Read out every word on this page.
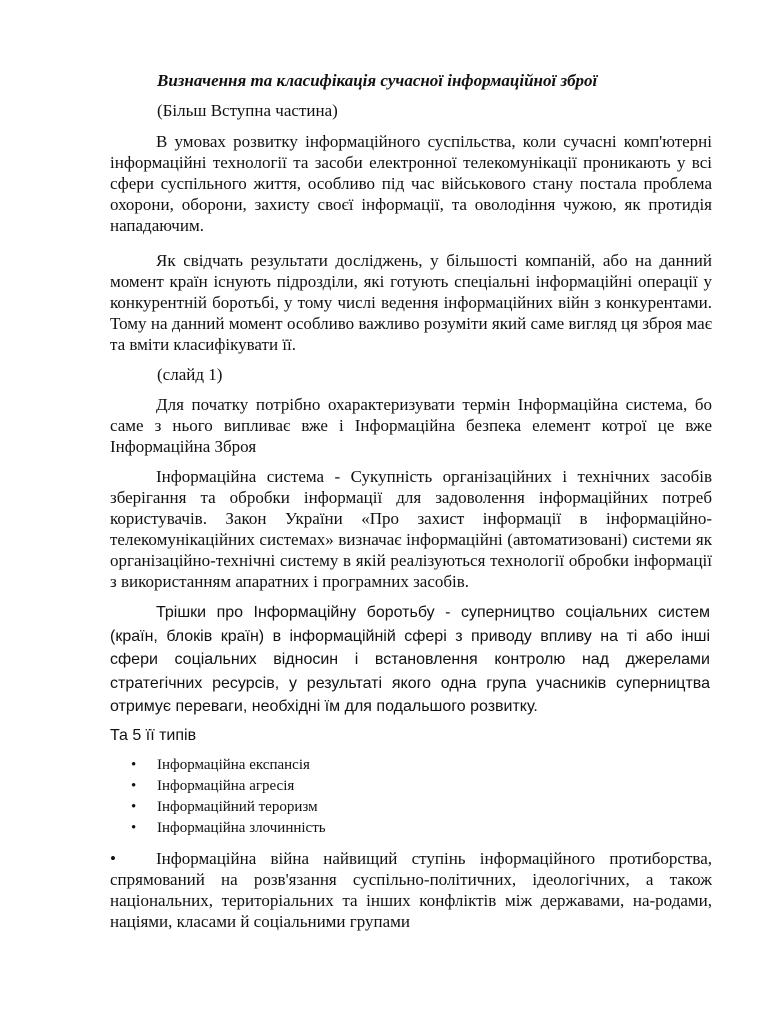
Визначення та класифікація сучасної інформаційної зброї
(Більш Вступна частина)
В умовах розвитку інформаційного суспільства, коли сучасні комп'ютерні інформаційні технології та засоби електронної телекомунікації проникають у всі сфери суспільного життя, особливо під час військового стану постала проблема охорони, оборони, захисту своєї інформації, та оволодіння чужою, як протидія нападаючим.
Як свідчать результати досліджень, у більшості компаній, або на данний момент країн існують підрозділи, які готують спеціальні інформаційні операції у конкурентній боротьбі, у тому числі ведення інформаційних війн з конкурентами. Тому на данний момент особливо важливо розуміти який саме вигляд ця зброя має та вміти класифікувати її.
(слайд 1)
Для початку потрібно охарактеризувати термін Інформаційна система, бо саме з нього випливає вже і Інформаційна безпека елемент котрої це вже Інформаційна Зброя
Інформаційна система - Сукупність організаційних і технічних засобів зберігання та обробки інформації для задоволення інформаційних потреб користувачів. Закон України «Про захист інформації в інформаційно-телекомунікаційних системах» визначає інформаційні (автоматизовані) системи як організаційно-технічні систему в якій реалізуються технології обробки інформації з використанням апаратних і програмних засобів.
Трішки про Інформаційну боротьбу - суперництво соціальних систем (країн, блоків країн) в інформаційній сфері з приводу впливу на ті або інші сфери соціальних відносин і встановлення контролю над джерелами стратегічних ресурсів, у результаті якого одна група учасників суперництва отримує переваги, необхідні їм для подальшого розвитку.
Та 5 її типів
• Інформаційна експансія
• Інформаційна агресія
• Інформаційний тероризм
• Інформаційна злочинність
•	Інформаційна війна найвищий ступінь інформаційного протиборства, спрямований на розв'язання суспільно-політичних, ідеологічних, а також національних, територіальних та інших конфліктів між державами, на-родами, націями, класами й соціальними групами
